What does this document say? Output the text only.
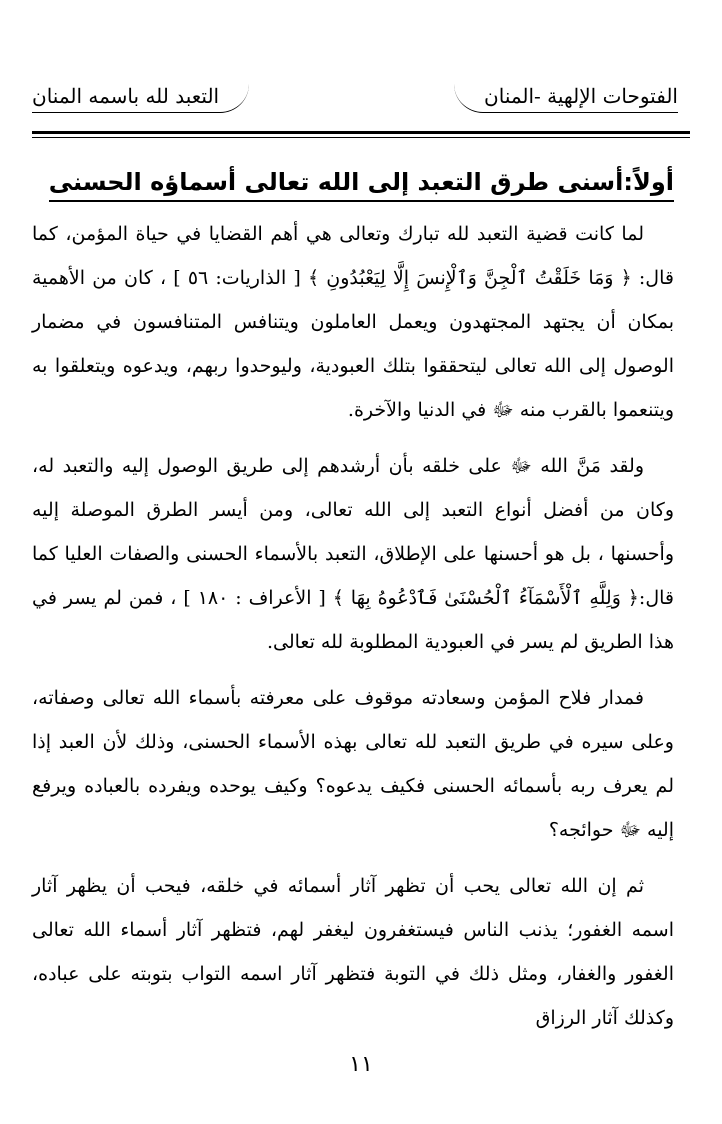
الفتوحات الإلهية -المنان
التعبد لله باسمه المنان
أولاً:أسنى طرق التعبد إلى الله تعالى أسماؤه الحسنى

لما كانت قضية التعبد لله تبارك وتعالى هي أهم القضايا في حياة المؤمن، كما قال: ﴿ وَمَا خَلَقْتُ ٱلْجِنَّ وَٱلْإِنسَ إِلَّا لِيَعْبُدُونِ ﴾ [ الذاريات: ٥٦ ] ، كان من الأهمية بمكان أن يجتهد المجتهدون ويعمل العاملون ويتنافس المتنافسون في مضمار الوصول إلى الله تعالى ليتحققوا بتلك العبودية، وليوحدوا ربهم، ويدعوه ويتعلقوا به ويتنعموا بالقرب منه ﷻ في الدنيا والآخرة.

ولقد مَنَّ الله ﷻ على خلقه بأن أرشدهم إلى طريق الوصول إليه والتعبد له، وكان من أفضل أنواع التعبد إلى الله تعالى، ومن أيسر الطرق الموصلة إليه وأحسنها ، بل هو أحسنها على الإطلاق، التعبد بالأسماء الحسنى والصفات العليا كما قال:﴿ وَلِلَّهِ ٱلْأَسْمَآءُ ٱلْحُسْنَىٰ فَٱدْعُوهُ بِهَا ﴾ [ الأعراف : ١٨٠ ] ، فمن لم يسر في هذا الطريق لم يسر في العبودية المطلوبة لله تعالى.

فمدار فلاح المؤمن وسعادته موقوف على معرفته بأسماء الله تعالى وصفاته، وعلى سيره في طريق التعبد لله تعالى بهذه الأسماء الحسنى، وذلك لأن العبد إذا لم يعرف ربه بأسمائه الحسنى فكيف يدعوه؟ وكيف يوحده ويفرده بالعباده ويرفع إليه ﷻ حوائجه؟

ثم إن الله تعالى يحب أن تظهر آثار أسمائه في خلقه، فيحب أن يظهر آثار اسمه الغفور؛ يذنب الناس فيستغفرون ليغفر لهم، فتظهر آثار أسماء الله تعالى الغفور والغفار، ومثل ذلك في التوبة فتظهر آثار اسمه التواب بتوبته على عباده، وكذلك آثار الرزاق

١١
